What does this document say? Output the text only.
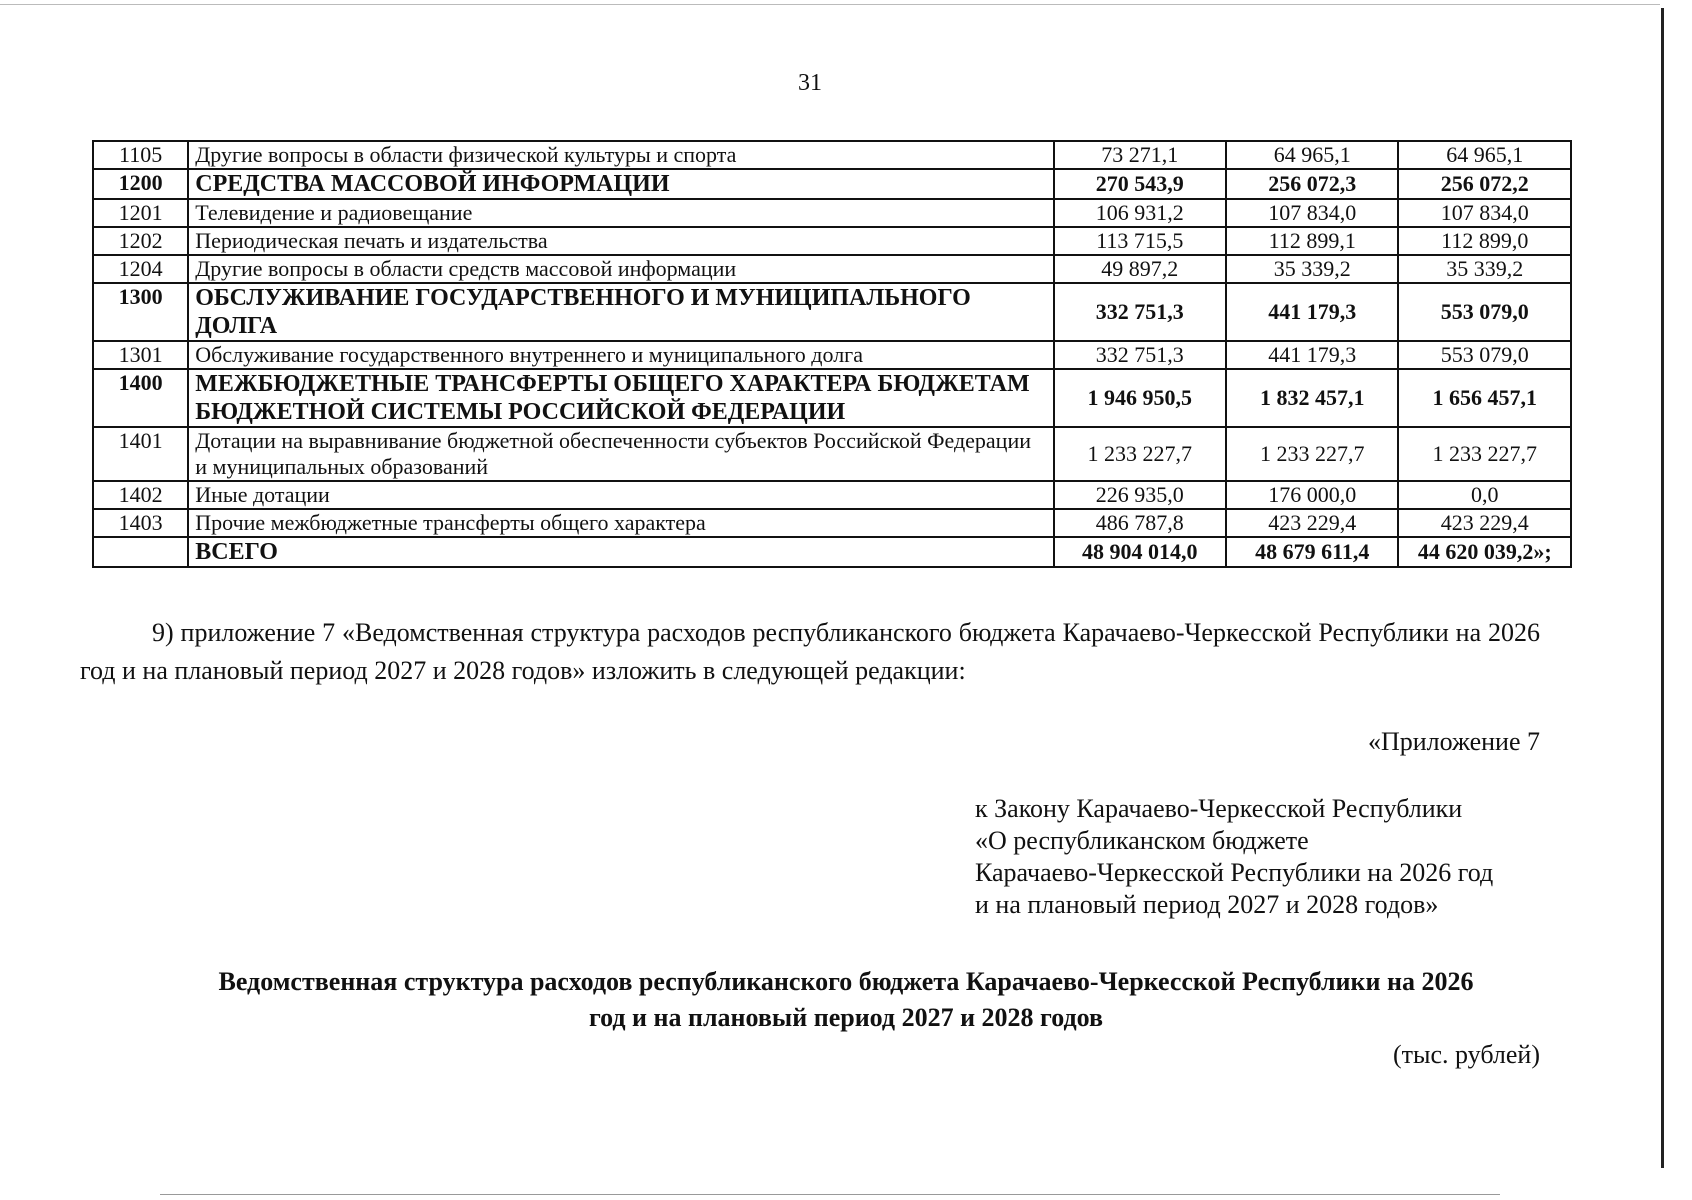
31
1105	Другие вопросы в области физической культуры и спорта	73 271,1	64 965,1	64 965,1
1200	СРЕДСТВА МАССОВОЙ ИНФОРМАЦИИ	270 543,9	256 072,3	256 072,2
1201	Телевидение и радиовещание	106 931,2	107 834,0	107 834,0
1202	Периодическая печать и издательства	113 715,5	112 899,1	112 899,0
1204	Другие вопросы в области средств массовой информации	49 897,2	35 339,2	35 339,2
1300	ОБСЛУЖИВАНИЕ ГОСУДАРСТВЕННОГО И МУНИЦИПАЛЬНОГО ДОЛГА	332 751,3	441 179,3	553 079,0
1301	Обслуживание государственного внутреннего и муниципального долга	332 751,3	441 179,3	553 079,0
1400	МЕЖБЮДЖЕТНЫЕ ТРАНСФЕРТЫ ОБЩЕГО ХАРАКТЕРА БЮДЖЕТАМ БЮДЖЕТНОЙ СИСТЕМЫ РОССИЙСКОЙ ФЕДЕРАЦИИ	1 946 950,5	1 832 457,1	1 656 457,1
1401	Дотации на выравнивание бюджетной обеспеченности субъектов Российской Федерации и муниципальных образований	1 233 227,7	1 233 227,7	1 233 227,7
1402	Иные дотации	226 935,0	176 000,0	0,0
1403	Прочие межбюджетные трансферты общего характера	486 787,8	423 229,4	423 229,4
	ВСЕГО	48 904 014,0	48 679 611,4	44 620 039,2»;
9) приложение 7 «Ведомственная структура расходов республиканского бюджета Карачаево-Черкесской Республики на 2026 год и на плановый период 2027 и 2028 годов» изложить в следующей редакции:
«Приложение 7
к Закону Карачаево-Черкесской Республики
«О республиканском бюджете
Карачаево-Черкесской Республики на 2026 год
и на плановый период 2027 и 2028 годов»
Ведомственная структура расходов республиканского бюджета Карачаево-Черкесской Республики на 2026
год и на плановый период 2027 и 2028 годов
(тыс. рублей)
